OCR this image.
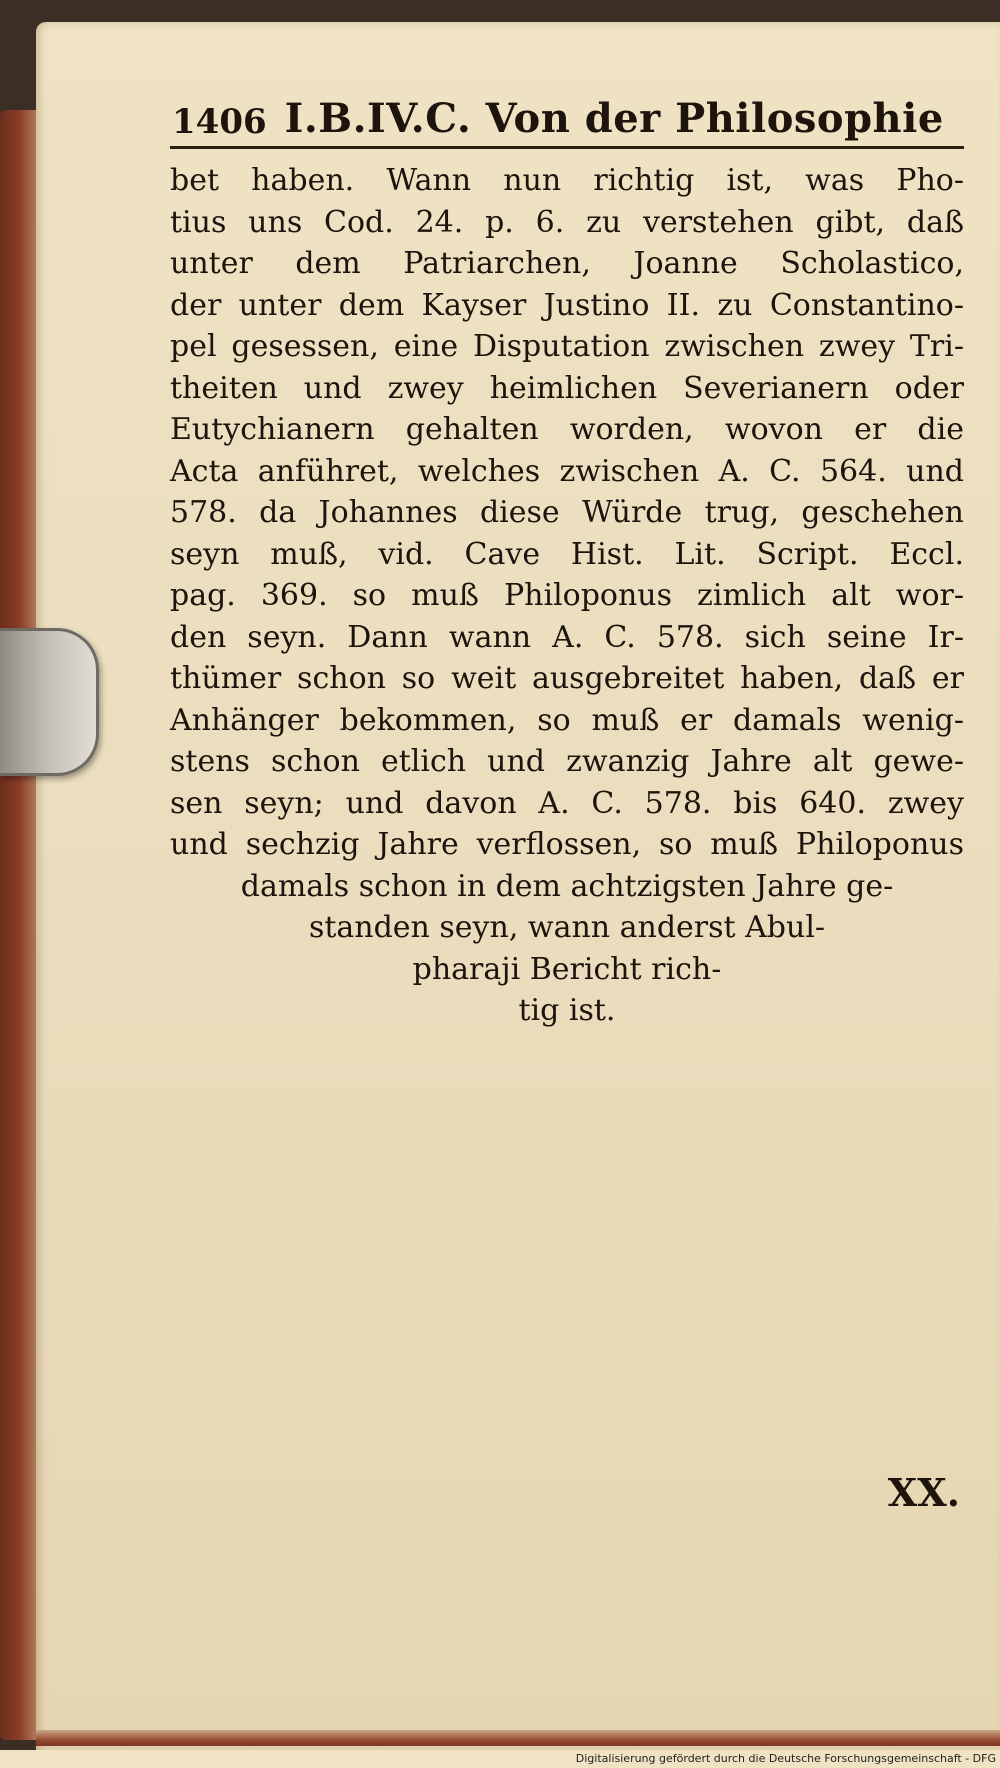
1406 I.B.IV.C. Von der Philosophie
bet haben. Wann nun richtig ist, was Pho-
tius uns Cod. 24. p. 6. zu verstehen gibt, daß
unter dem Patriarchen, Joanne Scholastico,
der unter dem Kayser Justino II. zu Constantino-
pel gesessen, eine Disputation zwischen zwey Tri-
theiten und zwey heimlichen Severianern oder
Eutychianern gehalten worden, wovon er die
Acta anführet, welches zwischen A. C. 564. und
578. da Johannes diese Würde trug, geschehen
seyn muß, vid. Cave Hist. Lit. Script. Eccl.
pag. 369. so muß Philoponus zimlich alt wor-
den seyn. Dann wann A. C. 578. sich seine Ir-
thümer schon so weit ausgebreitet haben, daß er
Anhänger bekommen, so muß er damals wenig-
stens schon etlich und zwanzig Jahre alt gewe-
sen seyn; und davon A. C. 578. bis 640. zwey
und sechzig Jahre verflossen, so muß Philoponus
damals schon in dem achtzigsten Jahre ge-
standen seyn, wann anderst Abul-
pharaji Bericht rich-
tig ist.
XX.
Digitalisierung gefördert durch die Deutsche Forschungsgemeinschaft - DFG
